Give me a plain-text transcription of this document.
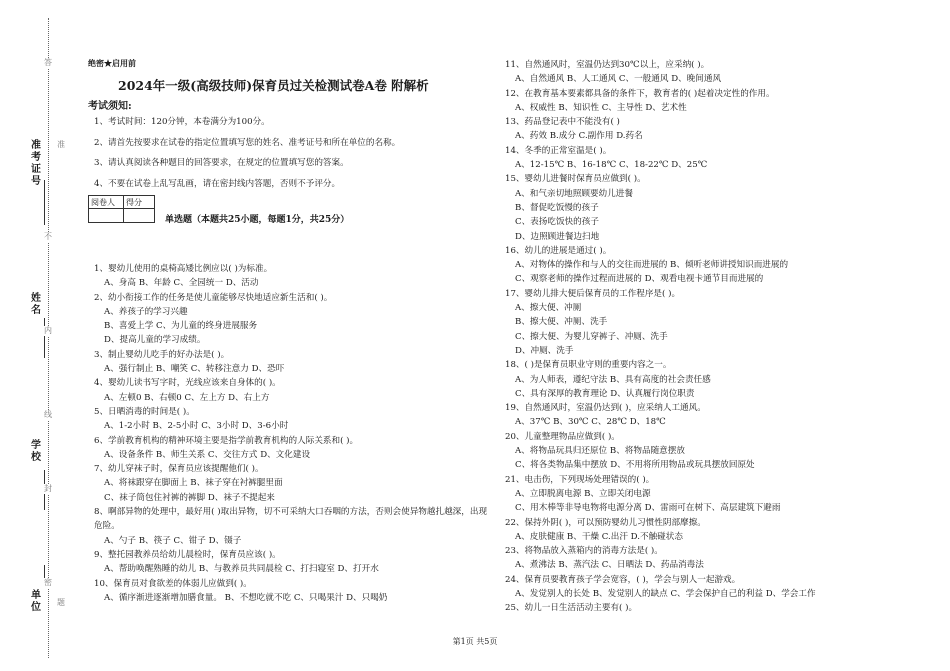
准考证号
姓名
学校
单位
答
准
不
内
线
封
密
题
绝密★启用前
2024年一级(高级技师)保育员过关检测试卷A卷 附解析
考试须知:
1、考试时间：120分钟，本卷满分为100分。
2、请首先按要求在试卷的指定位置填写您的姓名、准考证号和所在单位的名称。
3、请认真阅读各种题目的回答要求，在规定的位置填写您的答案。
4、不要在试卷上乱写乱画，请在密封线内答题，否则不予评分。
阅卷人	得分

单选题（本题共25小题，每题1分，共25分）
1、婴幼儿使用的桌椅高矮比例应以( )为标准。
A、身高 B、年龄 C、全园统一 D、活动
2、幼小衔接工作的任务是使儿童能够尽快地适应新生活和( )。
A、养孩子的学习兴趣
B、喜爱上学 C、为儿童的终身进展服务
D、提高儿童的学习成绩。
3、制止婴幼儿吃手的好办法是( )。
A、强行制止 B、嘲笑 C、转移注意力 D、恐吓
4、婴幼儿读书写字时，光线应该来自身体的( )。
A、左顿0 B、右顿0 C、左上方 D、右上方
5、日晒消毒的时间是( )。
A、1-2小时 B、2-5小时 C、3小时 D、3-6小时
6、学前教育机构的精神环境主要是指学前教育机构的人际关系和( )。
A、设备条件 B、师生关系 C、交往方式 D、文化建设
7、幼儿穿袜子时，保育员应该提醒他们( )。
A、将袜跟穿在脚面上 B、袜子穿在衬裤腿里面
C、袜子筒包住衬裤的裤脚 D、袜子不提起来
8、啊部异物的处理中，最好用( )取出异物，切不可采纳大口吞咽的方法，否则会使异物越扎越深，出现危险。
A、勺子 B、筷子 C、钳子 D、镊子
9、整托园教养员给幼儿晨检时，保育员应该( )。
A、帮助唤醒熟睡的幼儿 B、与教养员共同晨检 C、打扫寝室 D、打开水
10、保育员对食欲差的体弱儿应做到( )。
A、循序渐进逐渐增加膳食量。 B、不想吃就不吃 C、只喝果汁 D、只喝奶
11、自然通风时，室温仍达到30℃以上，应采纳( )。
A、自然通风 B、人工通风 C、一般通风 D、晚间通风
12、在教育基本要素都具备的条件下，教育者的( )起着决定性的作用。
A、权威性 B、知识性 C、主导性 D、艺术性
13、药品登记表中不能没有( )
A、药效 B.成分 C.副作用 D.药名
14、冬季的正常室温是( )。
A、12-15℃ B、16-18℃ C、18-22℃ D、25℃
15、婴幼儿进餐时保育员应做到( )。
A、和气亲切地照顾要幼儿进餐
B、督促吃饭慢的孩子
C、表扬吃饭快的孩子
D、边照顾进餐边扫地
16、幼儿的进展是通过( )。
A、对物体的操作和与人的交往而进展的 B、倾听老师讲授知识而进展的
C、观察老师的操作过程而进展的 D、观看电视卡通节目而进展的
17、婴幼儿排大便后保育员的工作程序是( )。
A、擦大便、冲厕
B、擦大便、冲厕、洗手
C、擦大便、为婴儿穿裤子、冲厕、洗手
D、冲厕、洗手
18、( )是保育员职业守则的重要内容之一。
A、为人师表，遵纪守法 B、具有高度的社会责任感
C、具有深厚的教育理论 D、认真履行岗位职责
19、自然通风时，室温仍达到( )，应采纳人工通风。
A、37℃ B、30℃ C、28℃ D、18℃
20、儿童整理物品应做到( )。
A、将物品玩具归还原位 B、将物品随意摆放
C、将各类物品集中摆放 D、不用将所用物品或玩具摆放回原处
21、电击伤，下列现场处理错误的( )。
A、立即脱离电源 B、立即关闭电源
C、用木棒等非导电物将电源分离 D、雷雨可在树下、高层建筑下避雨
22、保持外阴( )，可以预防婴幼儿习惯性阴部摩擦。
A、皮肤健康 B、干燥 C.出汗 D.不触碰状态
23、将物品放入蒸箱内的消毒方法是( )。
A、煮沸法 B、蒸汽法 C、日晒法 D、药品消毒法
24、保育员要教育孩子学会宽容，( )，学会与别人一起游戏。
A、发觉别人的长处 B、发觉别人的缺点 C、学会保护自己的利益 D、学会工作
25、幼儿一日生活活动主要有( )。
第1页 共5页
